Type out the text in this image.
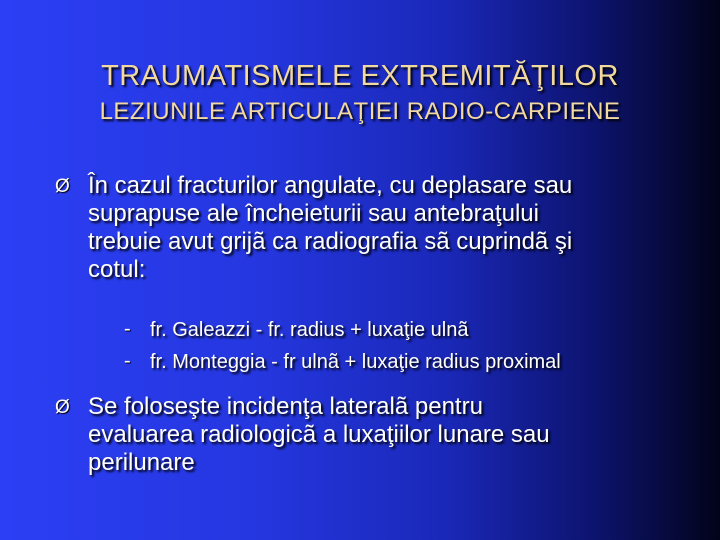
TRAUMATISMELE EXTREMITĂŢILOR
LEZIUNILE ARTICULAŢIEI RADIO-CARPIENE
Ø În cazul fracturilor angulate, cu deplasare sau
suprapuse ale încheieturii sau antebraţului
trebuie avut grijã ca radiografia sã cuprindã şi
cotul:
- fr. Galeazzi - fr. radius + luxaţie ulnã
- fr. Monteggia - fr ulnã + luxaţie radius proximal
Ø Se foloseşte incidenţa lateralã pentru
evaluarea radiologicã a luxaţiilor lunare sau
perilunare
